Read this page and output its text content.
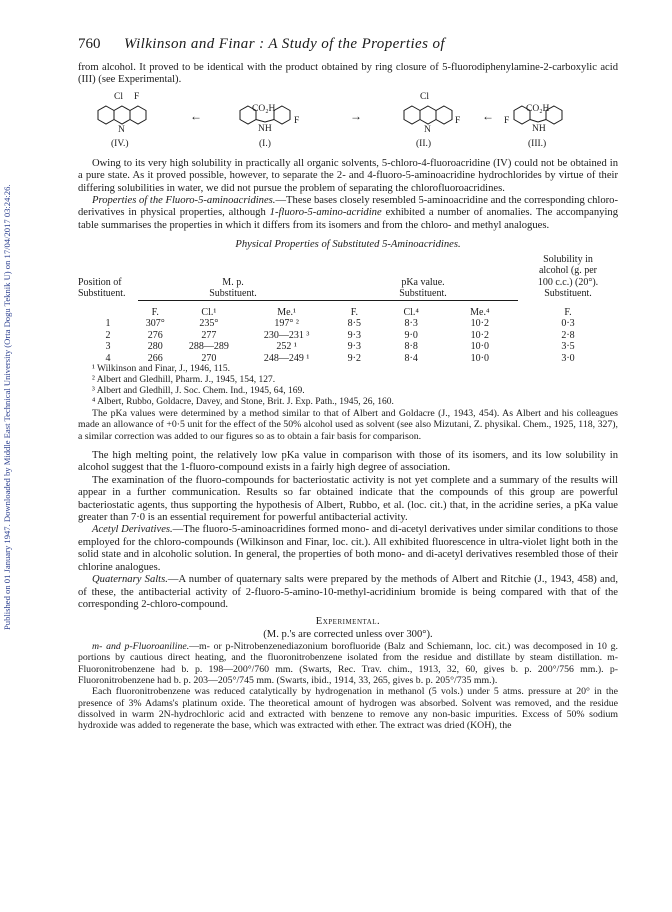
Published on 01 January 1947. Downloaded by Middle East Technical University (Orta Dogu Teknik U) on 17/04/2017 03:24:26.
760	Wilkinson and Finar : A Study of the Properties of

from alcohol. It proved to be identical with the product obtained by ring closure of 5-fluorodiphenylamine-2-carboxylic acid (III) (see Experimental).

Cl F
N
(IV.)
←	CO₂H
NH
F
(I.)
→
Cl
N
F
(II.)
← F
CO₂H
NH
(III.)

Owing to its very high solubility in practically all organic solvents, 5-chloro-4-fluoroacridine (IV) could not be obtained in a pure state. As it proved possible, however, to separate the 2- and 4-fluoro-5-aminoacridine hydrochlorides by virtue of their differing solubilities in water, we did not pursue the problem of separating the chlorofluoroacridines.

Properties of the Fluoro-5-aminoacridines.—These bases closely resembled 5-aminoacridine and the corresponding chloro-derivatives in physical properties, although 1-fluoro-5-amino-acridine exhibited a number of anomalies. The accompanying table summarises the properties in which it differs from its isomers and from the chloro- and methyl analogues.

Physical Properties of Substituted 5-Aminoacridines.
Position of
Substituent.	M. p.
Substituent.			pKa value.
Substituent.			Solubility in
alcohol (g. per
100 c.c.) (20°).
Substituent.

	F.	Cl.¹	Me.¹	F.	Cl.⁴	Me.⁴	F.
1	307°	235°	197° ²	8·5	8·3	10·2	0·3
2	276	277	230—231 ³	9·3	9·0	10·2	2·8
3	280	288—289	252 ¹	9·3	8·8	10·0	3·5
4	266	270	248—249 ¹	9·2	8·4	10·0	3·0
¹ Wilkinson and Finar, J., 1946, 115.
² Albert and Gledhill, Pharm. J., 1945, 154, 127.
³ Albert and Gledhill, J. Soc. Chem. Ind., 1945, 64, 169.
⁴ Albert, Rubbo, Goldacre, Davey, and Stone, Brit. J. Exp. Path., 1945, 26, 160.

The pKa values were determined by a method similar to that of Albert and Goldacre (J., 1943, 454). As Albert and his colleagues made an allowance of +0·5 unit for the effect of the 50% alcohol used as solvent (see also Mizutani, Z. physikal. Chem., 1925, 118, 327), a similar correction was added to our figures so as to obtain a fair basis for comparison.

The high melting point, the relatively low pKa value in comparison with those of its isomers, and its low solubility in alcohol suggest that the 1-fluoro-compound exists in a fairly high degree of association.

The examination of the fluoro-compounds for bacteriostatic activity is not yet complete and a summary of the results will appear in a further communication. Results so far obtained indicate that the compounds of this group are powerful bacteriostatic agents, thus supporting the hypothesis of Albert, Rubbo, et al. (loc. cit.) that, in the acridine series, a pKa value greater than 7·0 is an essential requirement for powerful antibacterial activity.

Acetyl Derivatives.—The fluoro-5-aminoacridines formed mono- and di-acetyl derivatives under similar conditions to those employed for the chloro-compounds (Wilkinson and Finar, loc. cit.). All exhibited fluorescence in ultra-violet light both in the solid state and in alcoholic solution. In general, the properties of both mono- and di-acetyl derivatives resembled those of their chlorine analogues.

Quaternary Salts.—A number of quaternary salts were prepared by the methods of Albert and Ritchie (J., 1943, 458) and, of these, the antibacterial activity of 2-fluoro-5-amino-10-methyl-acridinium bromide is being compared with that of the corresponding 2-chloro-compound.

Experimental.
(M. p.'s are corrected unless over 300°).

m- and p-Fluoroaniline.—m- or p-Nitrobenzenediazonium borofluoride (Balz and Schiemann, loc. cit.) was decomposed in 10 g. portions by cautious direct heating, and the fluoronitrobenzene isolated from the residue and distillate by steam distillation. m-Fluoronitrobenzene had b. p. 198—200°/760 mm. (Swarts, Rec. Trav. chim., 1913, 32, 60, gives b. p. 200°/756 mm.). p-Fluoronitrobenzene had b. p. 203—205°/745 mm. (Swarts, ibid., 1914, 33, 265, gives b. p. 205°/735 mm.).

Each fluoronitrobenzene was reduced catalytically by hydrogenation in methanol (5 vols.) under 5 atms. pressure at 20° in the presence of 3% Adams's platinum oxide. The theoretical amount of hydrogen was absorbed. Solvent was removed, and the residue dissolved in warm 2N-hydrochloric acid and extracted with benzene to remove any non-basic impurities. Excess of 50% sodium hydroxide was added to regenerate the base, which was extracted with ether. The extract was dried (KOH), the
